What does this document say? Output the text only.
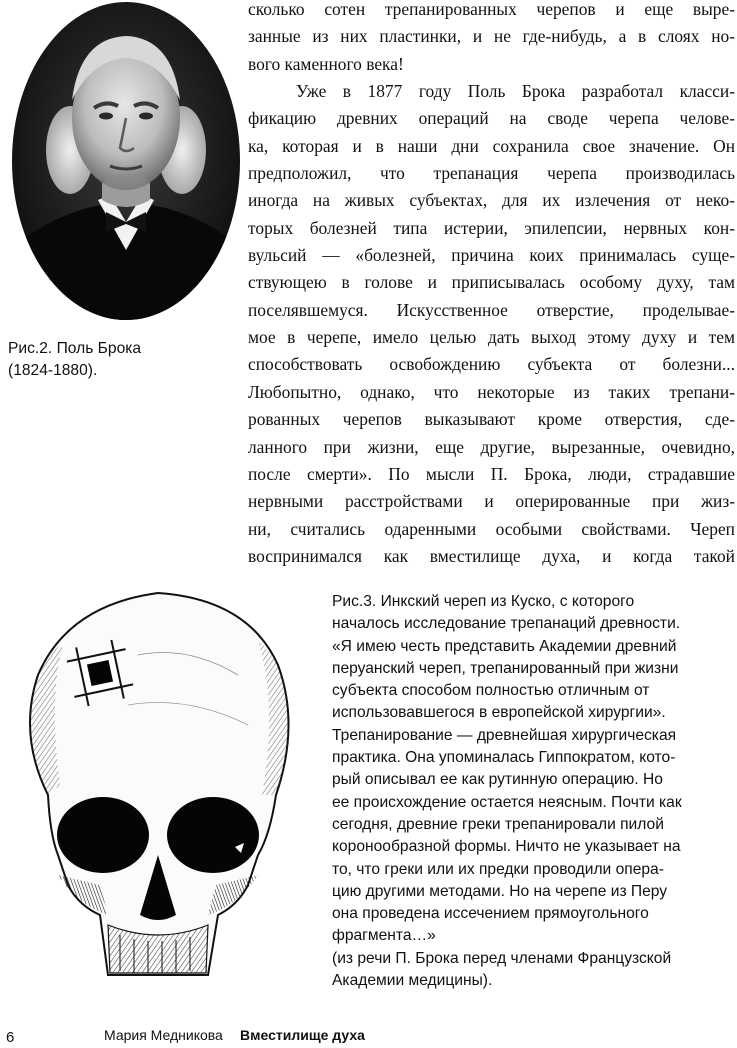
Рис.2. Поль Брока
(1824-1880).
сколько сотен трепанированных черепов и еще выре-
занные из них пластинки, и не где-нибудь, а в слоях но-
вого каменного века!
Уже в 1877 году Поль Брока разработал класси-
фикацию древних операций на своде черепа челове-
ка, которая и в наши дни сохранила свое значение. Он
предположил, что трепанация черепа производилась
иногда на живых субъектах, для их излечения от неко-
торых болезней типа истерии, эпилепсии, нервных кон-
вульсий — «болезней, причина коих принималась суще-
ствующею в голове и приписывалась особому духу, там
поселявшемуся. Искусственное отверстие, проделывае-
мое в черепе, имело целью дать выход этому духу и тем
способствовать освобождению субъекта от болезни...
Любопытно, однако, что некоторые из таких трепани-
рованных черепов выказывают кроме отверстия, сде-
ланного при жизни, еще другие, вырезанные, очевидно,
после смерти». По мысли П. Брока, люди, страдавшие
нервными расстройствами и оперированные при жиз-
ни, считались одаренными особыми свойствами. Череп
воспринимался как вместилище духа, и когда такой
Рис.3. Инкский череп из Куско, с которого
началось исследование трепанаций древности.
«Я имею честь представить Академии древний
перуанский череп, трепанированный при жизни
субъекта способом полностью отличным от
использовавшегося в европейской хирургии».
Трепанирование — древнейшая хирургическая
практика. Она упоминалась Гиппократом, кото-
рый описывал ее как рутинную операцию. Но
ее происхождение остается неясным. Почти как
сегодня, древние греки трепанировали пилой
коронообразной формы. Ничто не указывает на
то, что греки или их предки проводили опера-
цию другими методами. Но на черепе из Перу
она проведена иссечением прямоугольного
фрагмента…»
(из речи П. Брока перед членами Французской
Академии медицины).
6	Мария Медникова Вместилище духа
